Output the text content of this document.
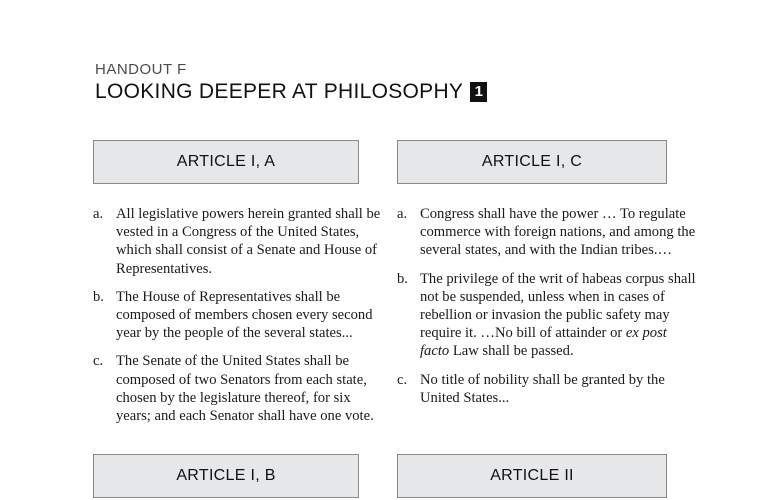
HANDOUT F
LOOKING DEEPER AT PHILOSOPHY 1
ARTICLE I, A	ARTICLE I, C
a. All legislative powers herein granted shall be vested in a Congress of the United States, which shall consist of a Senate and House of Representatives.
b. The House of Representatives shall be composed of members chosen every second year by the people of the several states...
c. The Senate of the United States shall be composed of two Senators from each state, chosen by the legislature thereof, for six years; and each Senator shall have one vote.
a. Congress shall have the power … To regulate commerce with foreign nations, and among the several states, and with the Indian tribes.…
b. The privilege of the writ of habeas corpus shall not be suspended, unless when in cases of rebellion or invasion the public safety may require it. …No bill of attainder or ex post facto Law shall be passed.
c. No title of nobility shall be granted by the United States...
ARTICLE I, B	ARTICLE II
